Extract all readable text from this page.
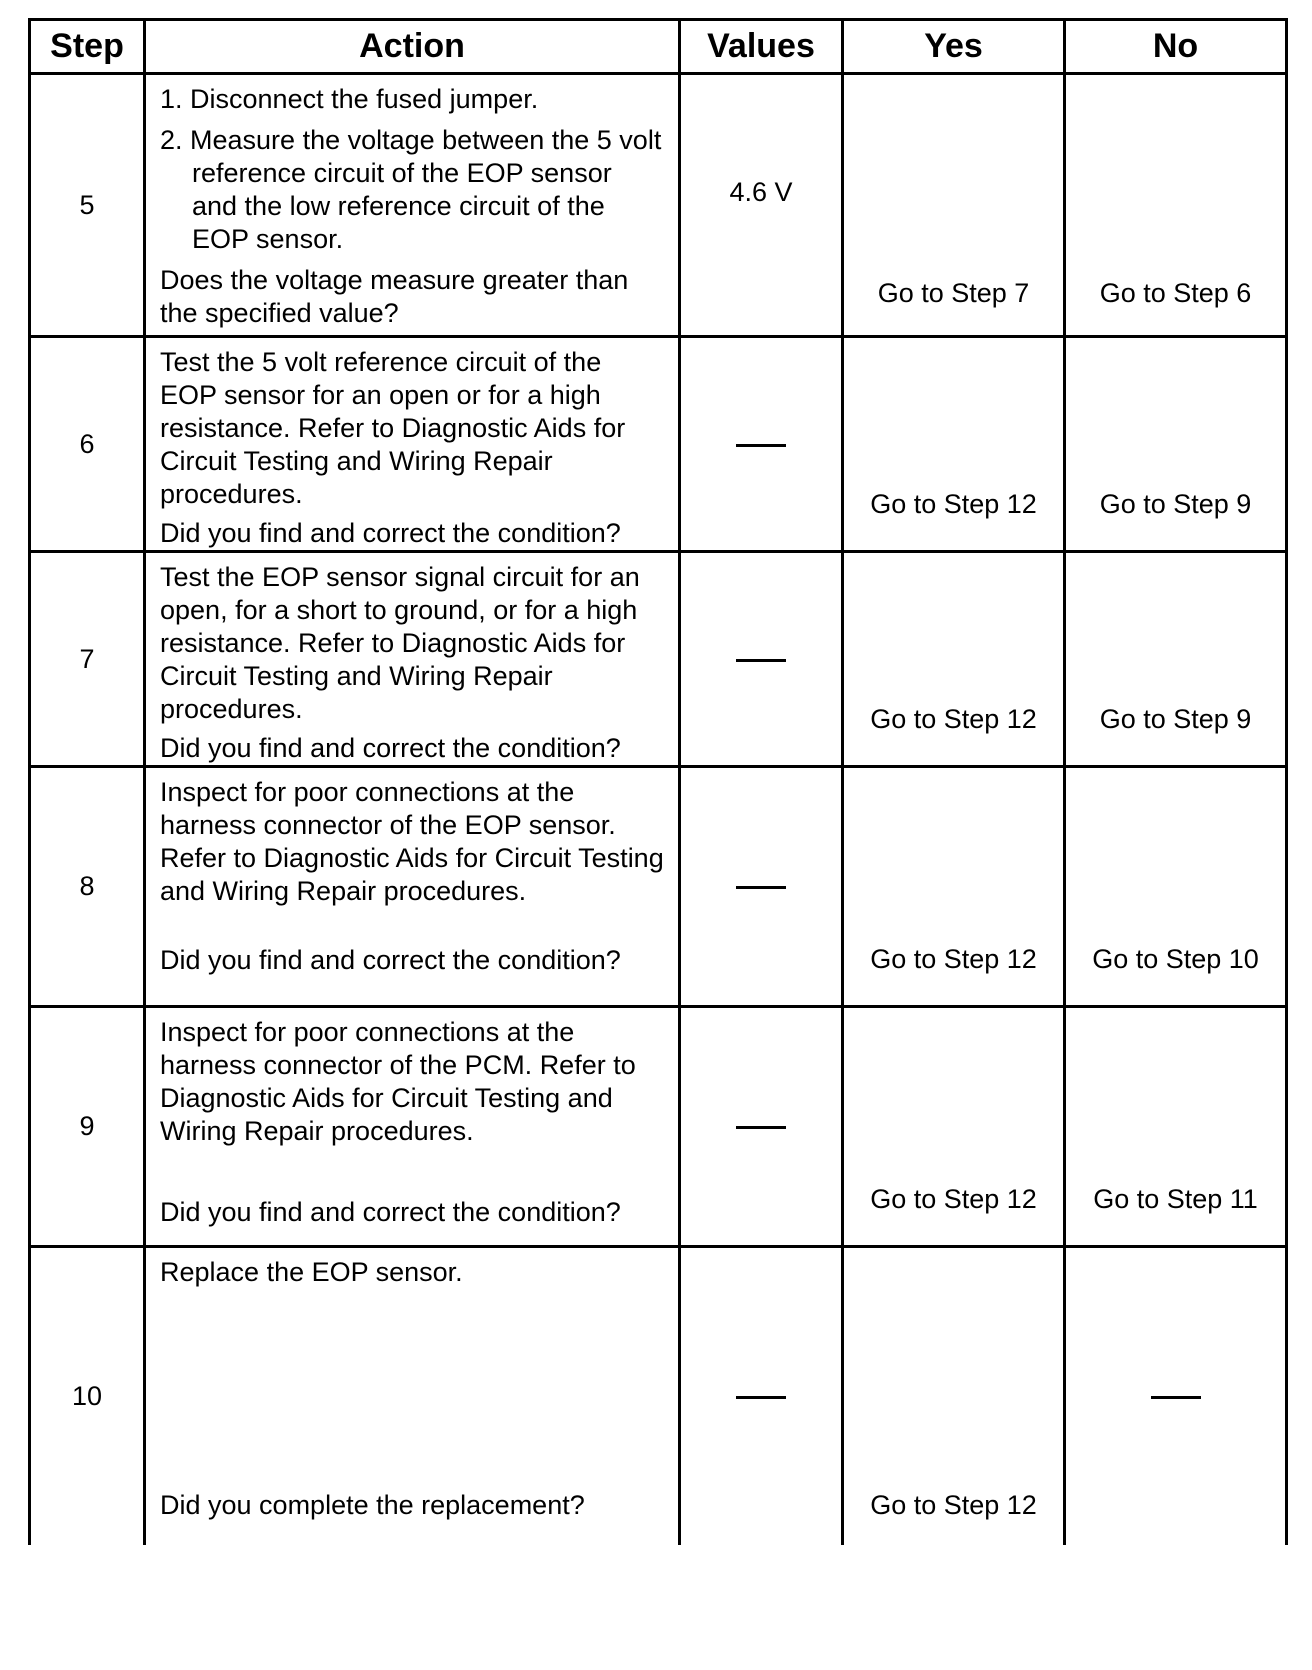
Step	Action	Values	Yes	No
5	1. Disconnect the fused jumper.
2. Measure the voltage between the 5 volt reference circuit of the EOP sensor and the low reference circuit of the EOP sensor.
Does the voltage measure greater than the specified value?	4.6 V	Go to Step 7	Go to Step 6

6	Test the 5 volt reference circuit of the EOP sensor for an open or for a high resistance. Refer to Diagnostic Aids for Circuit Testing and Wiring Repair procedures.
Did you find and correct the condition?		Go to Step 12	Go to Step 9

7	Test the EOP sensor signal circuit for an open, for a short to ground, or for a high resistance. Refer to Diagnostic Aids for Circuit Testing and Wiring Repair procedures.
Did you find and correct the condition?		Go to Step 12	Go to Step 9

8	Inspect for poor connections at the harness connector of the EOP sensor. Refer to Diagnostic Aids for Circuit Testing and Wiring Repair procedures.
Did you find and correct the condition?		Go to Step 12	Go to Step 10

9	Inspect for poor connections at the harness connector of the PCM. Refer to Diagnostic Aids for Circuit Testing and Wiring Repair procedures.
Did you find and correct the condition?		Go to Step 12	Go to Step 11

10	Replace the EOP sensor.
Did you complete the replacement?		Go to Step 12	
